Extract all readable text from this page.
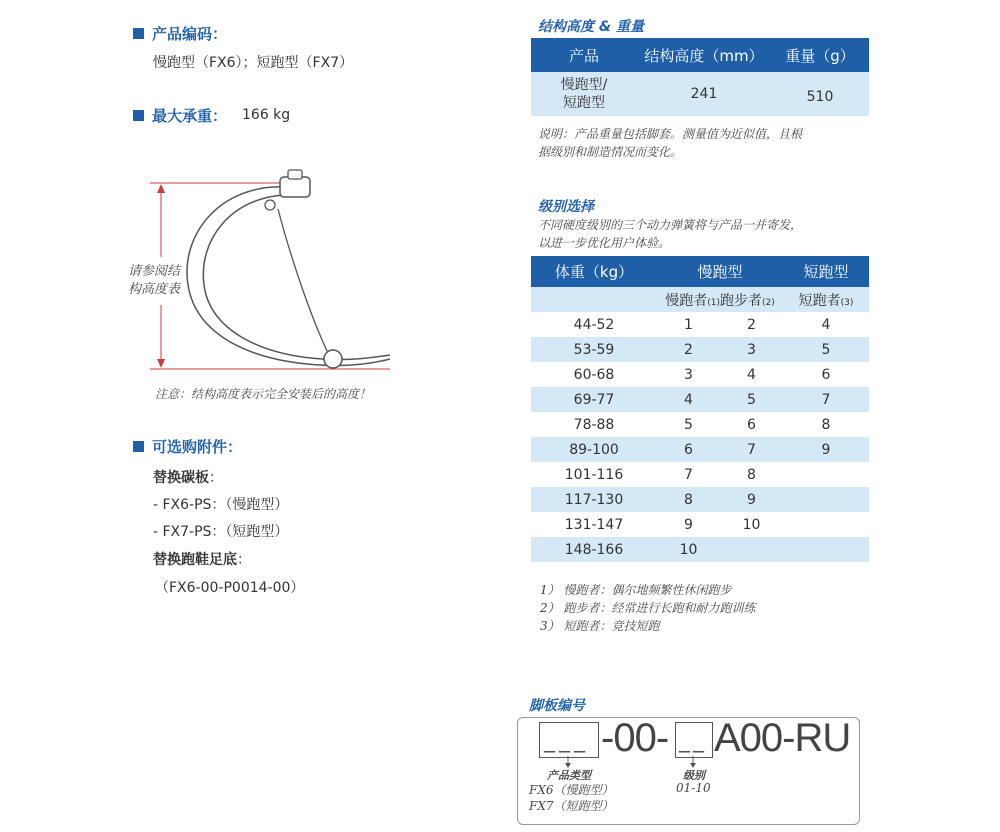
产品编码：
慢跑型（FX6）；短跑型（FX7）
最大承重： 166 kg
请参阅结
构高度表
注意：结构高度表示完全安装后的高度！
可选购附件：
替换碳板：
- FX6-PS：（慢跑型）
- FX7-PS：（短跑型）
替换跑鞋足底：
（FX6-00-P0014-00）
结构高度 & 重量
产品	结构高度（mm）	重量（g）

慢跑型/
短跑型	241	510
说明：产品重量包括脚套。测量值为近似值，且根
据级别和制造情况而变化。
级别选择
不同硬度级别的三个动力弹簧将与产品一并寄发，
以进一步优化用户体验。
体重（kg）	慢跑型		短跑型
	慢跑者(1)	跑步者(2)	短跑者(3)
44-52	1	2	4
53-59	2	3	5
60-68	3	4	6
69-77	4	5	7
78-88	5	6	8
89-100	6	7	9
101-116	7	8	
117-130	8	9	
131-147	9	10	
148-166	10		
1） 慢跑者：偶尔地频繁性休闲跑步
2） 跑步者：经常进行长跑和耐力跑训练
3） 短跑者：竞技短跑
脚板编号
___ -00- __ A00-RU
产品类型
FX6（慢跑型）
FX7（短跑型）
级别
01-10
